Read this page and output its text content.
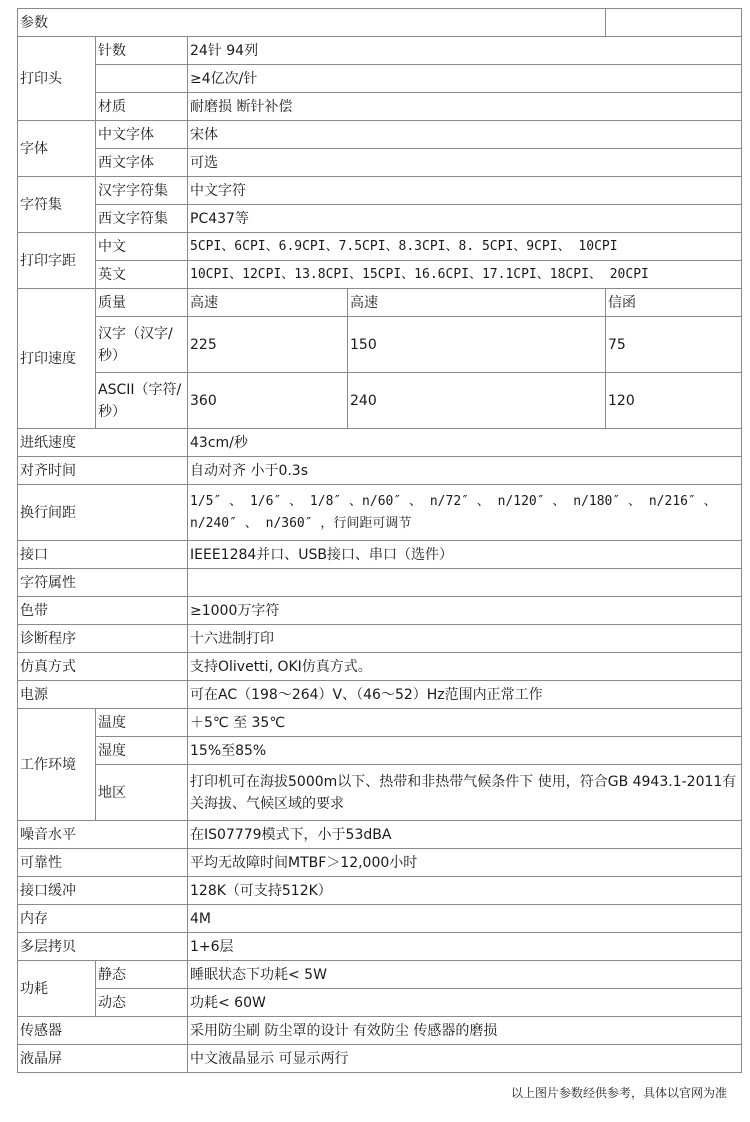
参数				
打印头	针数	24针 94列		
		≥4亿次/针		
	材质	耐磨损 断针补偿		
字体	中文字体	宋体		
	西文字体	可选		
字符集	汉字字符集	中文字符		
	西文字符集	PC437等		
打印字距	中文	5CPI、6CPI、6.9CPI、7.5CPI、8.3CPI、8. 5CPI、9CPI、 10CPI		
	英文	10CPI、12CPI、13.8CPI、15CPI、16.6CPI、17.1CPI、18CPI、 20CPI		
打印速度	质量	高速	高速	信函
	汉字（汉字/秒）	225	150	75
	ASCII（字符/秒）	360	240	120
进纸速度		43cm/秒		
对齐时间		自动对齐 小于0.3s		
换行间距		1/5″ 、 1/6″ 、 1/8″ 、n/60″ 、 n/72″ 、 n/120″ 、 n/180″ 、 n/216″ 、 n/240″ 、 n/360″ ，行间距可调节		
接口		IEEE1284并口、USB接口、串口（选件）		
字符属性				
色带		≥1000万字符		
诊断程序		十六进制打印		
仿真方式		支持Olivetti, OKI仿真方式。		
电源		可在AC（198～264）V、（46～52）Hz范围内正常工作		
工作环境	温度	＋5℃ 至 35℃		
	湿度	15%至85%		
	地区	打印机可在海拔5000m以下、热带和非热带气候条件下 使用，符合GB 4943.1-2011有关海拔、气候区域的要求		
噪音水平		在IS07779模式下，小于53dBA		
可靠性		平均无故障时间MTBF＞12,000小时		
接口缓冲		128K（可支持512K）		
内存		4M		
多层拷贝		1+6层		
功耗	静态	睡眠状态下功耗< 5W		
	动态	功耗< 60W		
传感器		采用防尘刷 防尘罩的设计 有效防尘 传感器的磨损		
液晶屏		中文液晶显示 可显示两行		
以上图片参数经供参考，具体以官网为准
